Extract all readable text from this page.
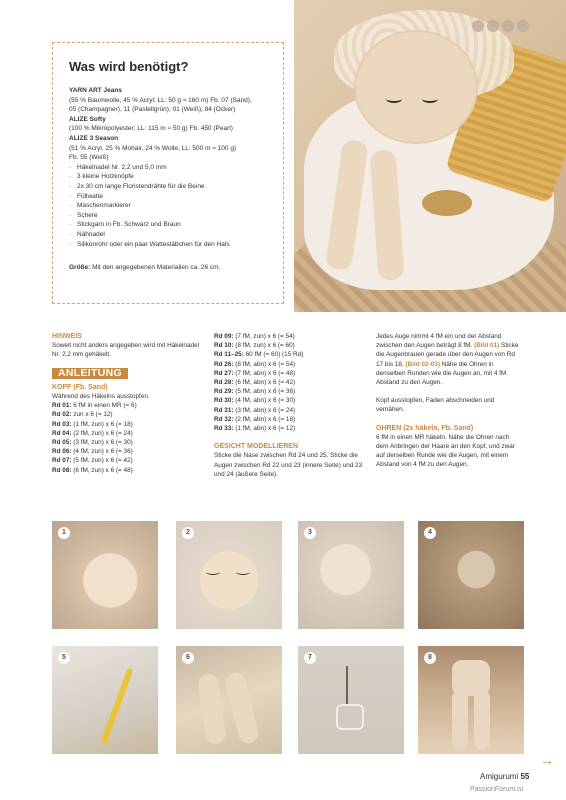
Was wird benötigt?
YARN ART Jeans
(55 % Baumwolle, 45 % Acryl; LL: 50 g ≈ 160 m) Fb. 07 (Sand),
05 (Champagner), 11 (Pastellgrün), 01 (Weiß), 84 (Ocker)
ALIZE Softy
(100 % Mikropolyester; LL: 115 m ≈ 50 g) Fb. 450 (Pearl)
ALIZE 3 Season
(51 % Acryl, 25 % Mohair, 24 % Wolle; LL: 500 m ≈ 100 g)
Fb. 55 (Weiß)
· Häkelnadel Nr. 2,2 und 5,0 mm
· 3 kleine Holzknöpfe
· 2x 30 cm lange Floristendrähte für die Beine
· Füllwatte
· Maschenmarkierer
· Schere
· Stickgarn in Fb. Schwarz und Braun
· Nähnadel
· Silikonrohr oder ein paar Wattestäbchen für den Hals
Größe: Mit den angegebenen Materialien ca. 26 cm.
HINWEIS
Soweit nicht anders angegeben wird mit Häkelnadel Nr. 2,2 mm gehäkelt.
ANLEITUNG
KOPF (Fb. Sand)
Während des Häkelns ausstopfen.
Rd 01: 6 fM in einen MR (= 6)
Rd 02: zun x 6 (= 12)
Rd 03: (1 fM, zun) x 6 (= 18)
Rd 04: (2 fM, zun) x 6 (= 24)
Rd 05: (3 fM, zun) x 6 (= 30)
Rd 06: (4 fM, zun) x 6 (= 36)
Rd 07: (5 fM, zun) x 6 (= 42)
Rd 08: (6 fM, zun) x 6 (= 48)
Rd 09: (7 fM, zun) x 6 (= 54)
Rd 10: (8 fM, zun) x 6 (= 60)
Rd 11–25: 60 fM (= 60) (15 Rd)
Rd 26: (8 fM, abn) x 6 (= 54)
Rd 27: (7 fM, abn) x 6 (= 48)
Rd 28: (6 fM, abn) x 6 (= 42)
Rd 29: (5 fM, abn) x 6 (= 36)
Rd 30: (4 fM, abn) x 6 (= 30)
Rd 31: (3 fM, abn) x 6 (= 24)
Rd 32: (2 fM, abn) x 6 (= 18)
Rd 33: (1 fM, abn) x 6 (= 12)
GESICHT MODELLIEREN
Sticke die Nase zwischen Rd 24 und 25. Sticke die Augen zwischen Rd 22 und 23 (innere Seite) und 23 und 24 (äußere Seite).
Jedes Auge nimmt 4 fM ein und der Abstand zwischen den Augen beträgt 8 fM. (Bild 01) Sticke die Augenbrauen gerade über den Augen von Rd 17 bis 18. (Bild 02-03) Nähe die Ohren in denselben Runden wie die Augen an, mit 4 fM Abstand zu den Augen.
Kopf ausstopfen, Faden abschneiden und vernähen.
OHREN (2x häkeln, Fb. Sand)
6 fM in einen MR häkeln. Nähe die Ohren nach dem Anbringen der Haare an den Kopf, und zwar auf derselben Runde wie die Augen, mit einem Abstand von 4 fM zu den Augen.
1	2	3	4
5	6	7	8
→
Amigurumi 55
PassionForum.ru
